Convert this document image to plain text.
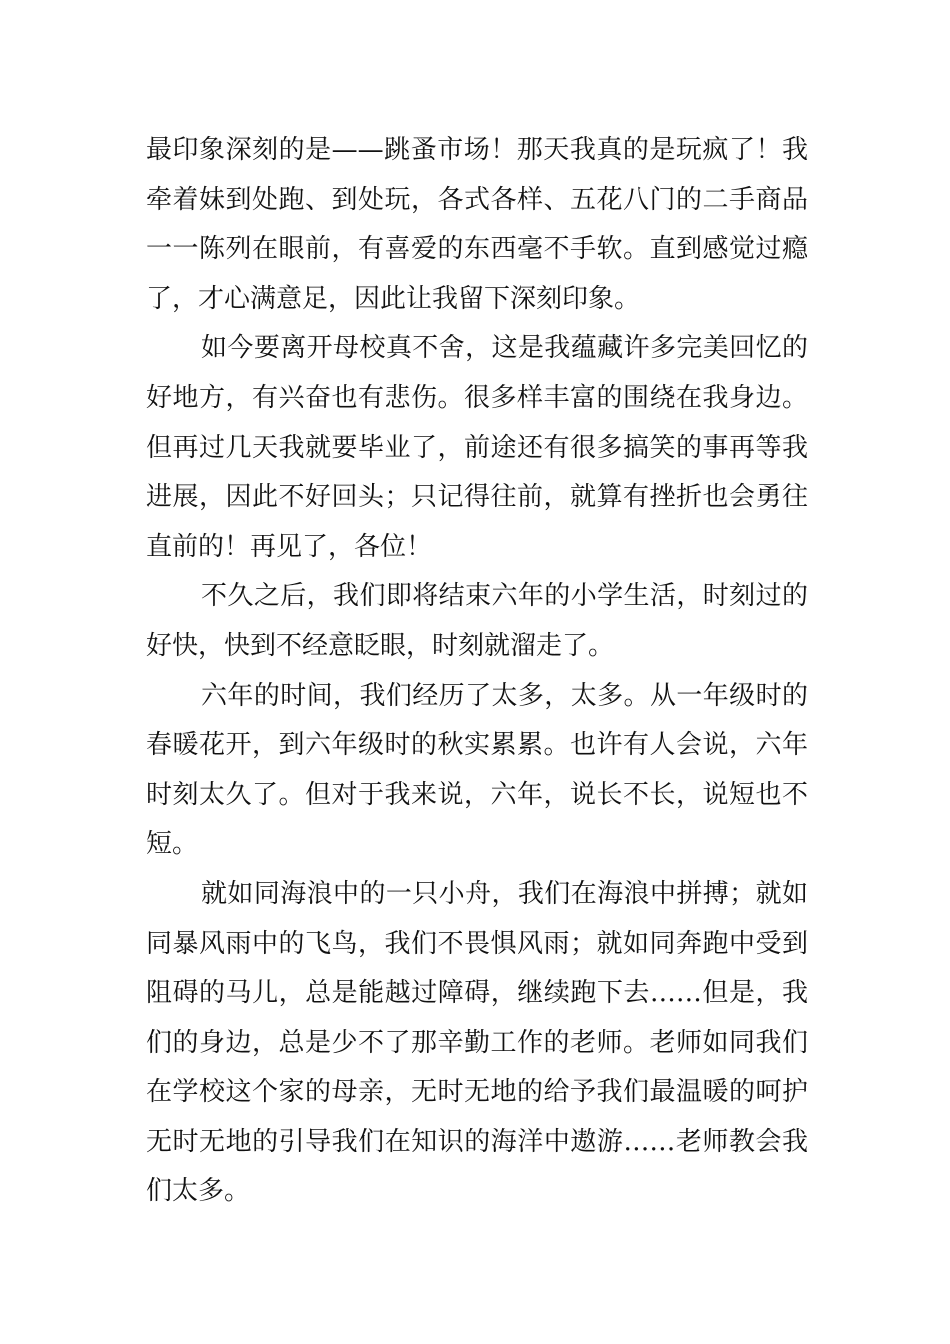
最印象深刻的是——跳蚤市场！那天我真的是玩疯了！我
牵着妹到处跑、到处玩，各式各样、五花八门的二手商品
一一陈列在眼前，有喜爱的东西毫不手软。直到感觉过瘾
了，才心满意足，因此让我留下深刻印象。
如今要离开母校真不舍，这是我蕴藏许多完美回忆的
好地方，有兴奋也有悲伤。很多样丰富的围绕在我身边。
但再过几天我就要毕业了，前途还有很多搞笑的事再等我
进展，因此不好回头；只记得往前，就算有挫折也会勇往
直前的！再见了，各位！
不久之后，我们即将结束六年的小学生活，时刻过的
好快，快到不经意眨眼，时刻就溜走了。
六年的时间，我们经历了太多，太多。从一年级时的
春暖花开，到六年级时的秋实累累。也许有人会说，六年
时刻太久了。但对于我来说，六年，说长不长，说短也不
短。
就如同海浪中的一只小舟，我们在海浪中拼搏；就如
同暴风雨中的飞鸟，我们不畏惧风雨；就如同奔跑中受到
阻碍的马儿，总是能越过障碍，继续跑下去……但是，我
们的身边，总是少不了那辛勤工作的老师。老师如同我们
在学校这个家的母亲，无时无地的给予我们最温暖的呵护
无时无地的引导我们在知识的海洋中遨游……老师教会我
们太多。
